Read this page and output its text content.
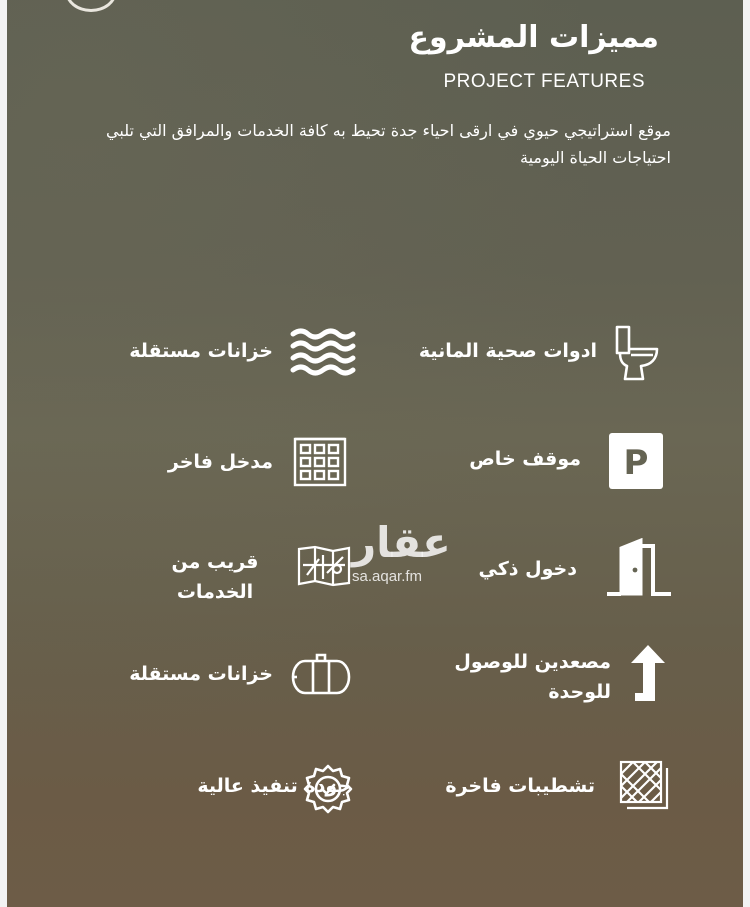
مميزات المشروع
PROJECT FEATURES
موقع استراتيجي حيوي في ارقى احياء جدة تحيط به كافة الخدمات والمرافق التي تلبي احتياجات الحياة اليومية
ادوات صحية المانية
خزانات مستقلة
P
موقف خاص
مدخل فاخر
دخول ذكي
قريب من الخدمات
مصعدين للوصول للوحدة
خزانات مستقلة
تشطيبات فاخرة
جودة تنفيذ عالية
عقار
sa.aqar.fm
